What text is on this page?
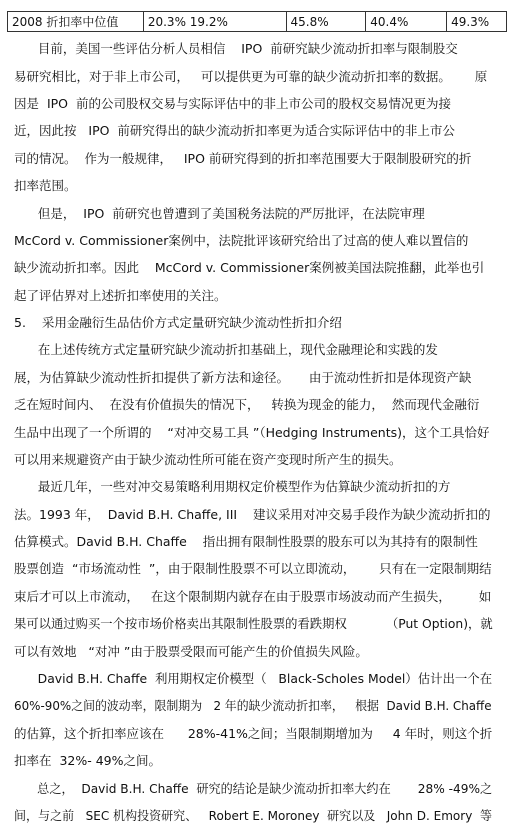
2008 折扣率中位值	20.3% 19.2%	45.8%	40.4%	49.3%
目前，美国一些评估分析人员相信    IPO  前研究缺少流动折扣率与限制股交
易研究相比，对于非上市公司，   可以提供更为可靠的缺少流动折扣率的数据。      原
因是  IPO  前的公司股权交易与实际评估中的非上市公司的股权交易情况更为接
近，因此按   IPO  前研究得出的缺少流动折扣率更为适合实际评估中的非上市公
司的情况。  作为一般规律，   IPO 前研究得到的折扣率范围要大于限制股研究的折
扣率范围。
但是，  IPO  前研究也曾遭到了美国税务法院的严厉批评，在法院审理
McCord v. Commissioner案例中，法院批评该研究给出了过高的使人难以置信的
缺少流动折扣率。因此    McCord v. Commissioner案例被美国法院推翻，此举也引
起了评估界对上述折扣率使用的关注。
5.    采用金融衍生品估价方式定量研究缺少流动性折扣介绍
在上述传统方式定量研究缺少流动折扣基础上，现代金融理论和实践的发
展，为估算缺少流动性折扣提供了新方法和途径。     由于流动性折扣是体现资产缺
乏在短时间内、  在没有价值损失的情况下，   转换为现金的能力，  然而现代金融衍
生品中出现了一个所谓的    “对冲交易工具 ”（Hedging Instruments)，这个工具恰好
可以用来规避资产由于缺少流动性所可能在资产变现时所产生的损失。
最近几年，一些对冲交易策略利用期权定价模型作为估算缺少流动折扣的方
法。1993 年，  David B.H. Chaffe, III    建议采用对冲交易手段作为缺少流动折扣的
估算模式。David B.H. Chaffe    指出拥有限制性股票的股东可以为其持有的限制性
股票创造  “市场流动性  ”，由于限制性股票不可以立即流动，      只有在一定限制期结
束后才可以上市流动，   在这个限制期内就存在由于股票市场波动而产生损失，       如
果可以通过购买一个按市场价格卖出其限制性股票的看跌期权          （Put Option)，就
可以有效地   “对冲 ”由于股票受限而可能产生的价值损失风险。
David B.H. Chaffe  利用期权定价模型（   Black-Scholes Model）估计出一个在
60%-90%之间的波动率，限制期为   2 年的缺少流动折扣率，   根据  David B.H. Chaffe
的估算，这个折扣率应该在      28%-41%之间；当限制期增加为     4 年时，则这个折
扣率在  32%- 49%之间。
总之，  David B.H. Chaffe  研究的结论是缺少流动折扣率大约在       28% -49%之
间，与之前   SEC 机构投资研究、   Robert E. Moroney  研究以及   John D. Emory  等
